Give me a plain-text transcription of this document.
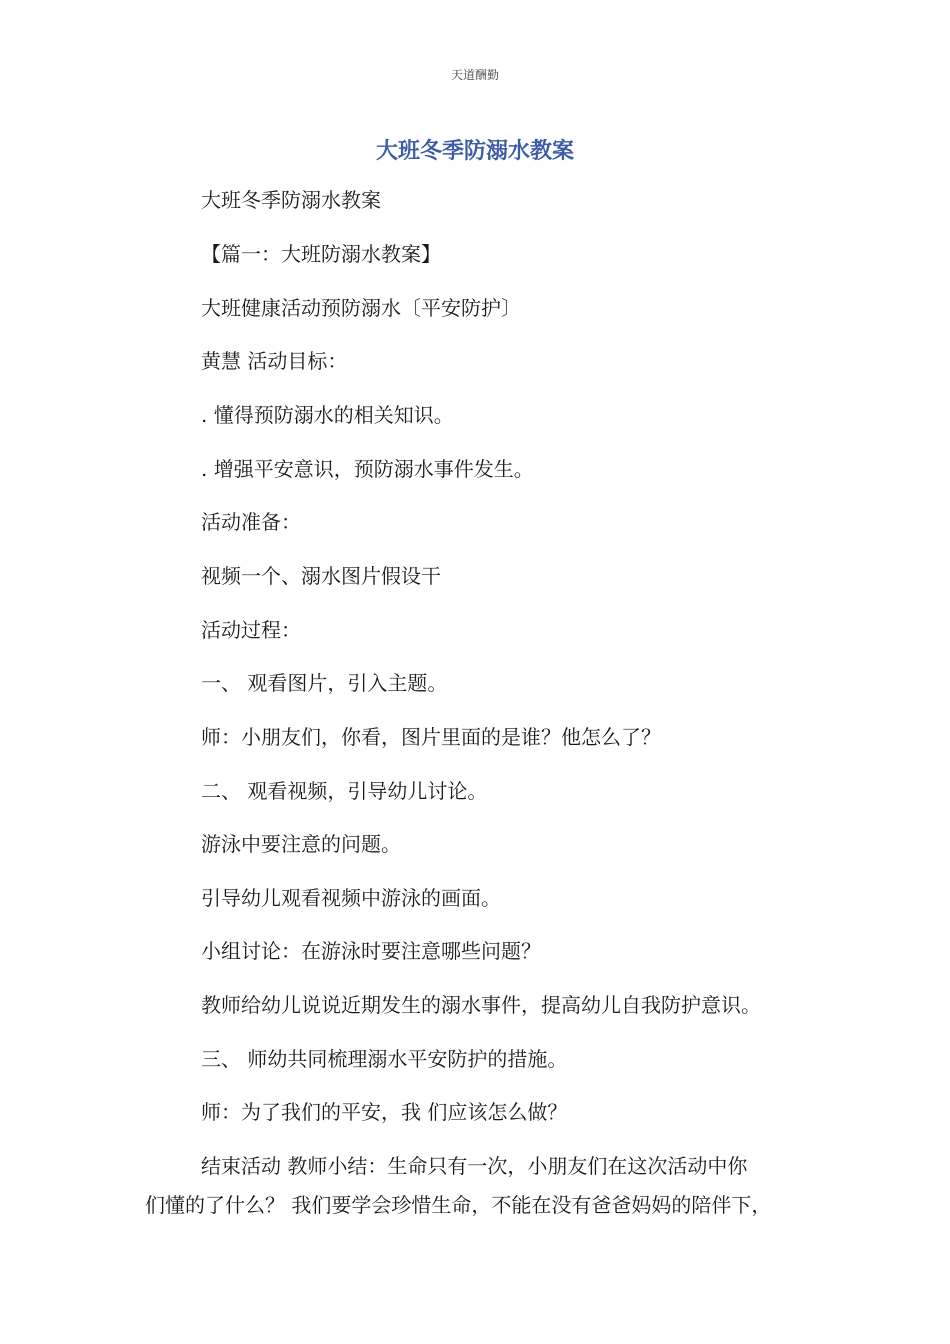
天道酬勤
大班冬季防溺水教案
大班冬季防溺水教案
【篇一：大班防溺水教案】
大班健康活动预防溺水〔平安防护〕
黄慧 活动目标：
. 懂得预防溺水的相关知识。
. 增强平安意识，预防溺水事件发生。
活动准备：
视频一个、溺水图片假设干
活动过程：
一、 观看图片，引入主题。
师：小朋友们，你看，图片里面的是谁？他怎么了？
二、 观看视频，引导幼儿讨论。
游泳中要注意的问题。
引导幼儿观看视频中游泳的画面。
小组讨论：在游泳时要注意哪些问题？
教师给幼儿说说近期发生的溺水事件，提高幼儿自我防护意识。
三、 师幼共同梳理溺水平安防护的措施。
师：为了我们的平安，我 们应该怎么做？
结束活动 教师小结：生命只有一次，小朋友们在这次活动中你
们懂的了什么？ 我们要学会珍惜生命，不能在没有爸爸妈妈的陪伴下，
